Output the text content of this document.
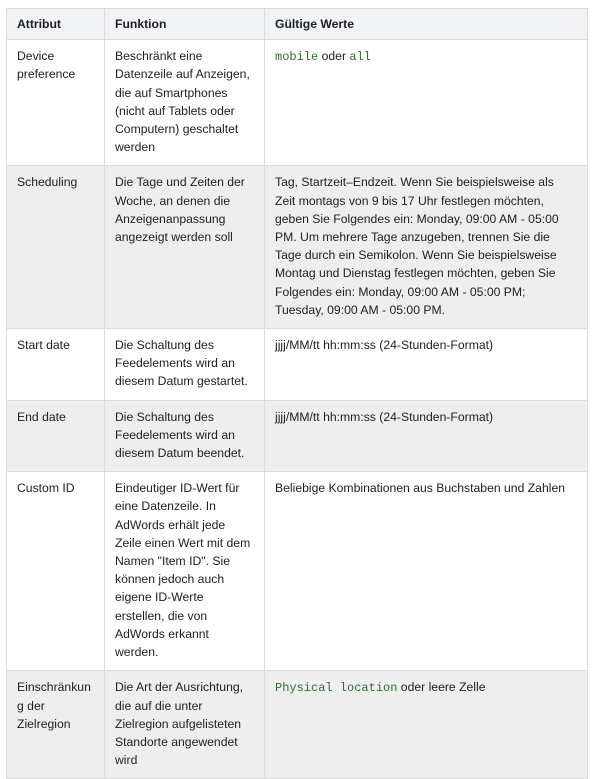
Attribut	Funktion	Gültige Werte
Device preference	Beschränkt eine Datenzeile auf Anzeigen, die auf Smartphones (nicht auf Tablets oder Computern) geschaltet werden	mobile oder all
Scheduling	Die Tage und Zeiten der Woche, an denen die Anzeigenanpassung angezeigt werden soll	Tag, Startzeit–Endzeit. Wenn Sie beispielsweise als Zeit montags von 9 bis 17 Uhr festlegen möchten, geben Sie Folgendes ein: Monday, 09:00 AM - 05:00 PM. Um mehrere Tage anzugeben, trennen Sie die Tage durch ein Semikolon. Wenn Sie beispielsweise Montag und Dienstag festlegen möchten, geben Sie Folgendes ein: Monday, 09:00 AM - 05:00 PM; Tuesday, 09:00 AM - 05:00 PM.
Start date	Die Schaltung des Feedelements wird an diesem Datum gestartet.	jjjj/MM/tt hh:mm:ss (24-Stunden-Format)
End date	Die Schaltung des Feedelements wird an diesem Datum beendet.	jjjj/MM/tt hh:mm:ss (24-Stunden-Format)
Custom ID	Eindeutiger ID-Wert für eine Datenzeile. In AdWords erhält jede Zeile einen Wert mit dem Namen "Item ID". Sie können jedoch auch eigene ID-Werte erstellen, die von AdWords erkannt werden.	Beliebige Kombinationen aus Buchstaben und Zahlen
Einschränkung der Zielregion	Die Art der Ausrichtung, die auf die unter Zielregion aufgelisteten Standorte angewendet wird	Physical location oder leere Zelle
